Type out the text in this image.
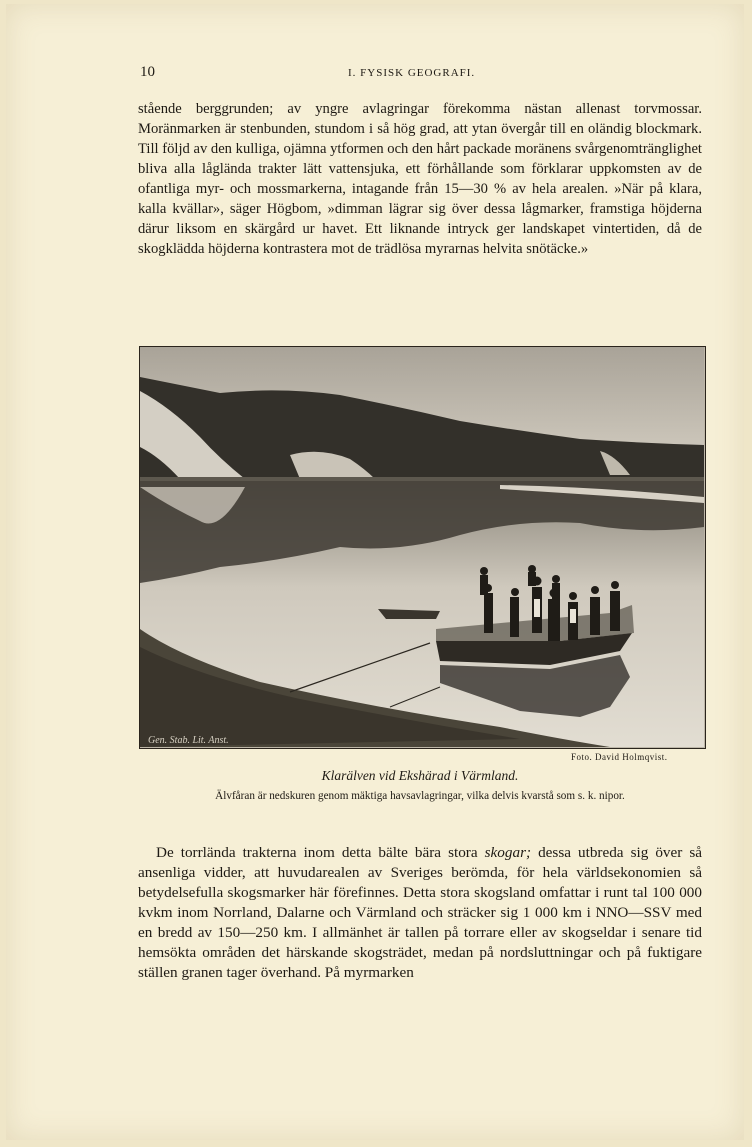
10	I. FYSISK GEOGRAFI.
stående berggrunden; av yngre avlagringar förekomma nästan allenast torvmossar. Moränmarken är stenbunden, stundom i så hög grad, att ytan övergår till en oländig blockmark. Till följd av den kulliga, ojämna ytformen och den hårt packade moränens svårgenomtränglighet bliva alla låglända trakter lätt vattensjuka, ett förhållande som förklarar uppkomsten av de ofantliga myr- och mossmarkerna, intagande från 15—30 % av hela arealen. »När på klara, kalla kvällar», säger Högbom, »dimman lägrar sig över dessa lågmarker, framstiga höjderna därur liksom en skärgård ur havet. Ett liknande intryck ger landskapet vintertiden, då de skogklädda höjderna kontrastera mot de trädlösa myrarnas helvita snötäcke.»
Gen. Stab. Lit. Anst.
Foto. David Holmqvist.
Klarälven vid Ekshärad i Värmland.
Älvfåran är nedskuren genom mäktiga havsavlagringar, vilka delvis kvarstå som s. k. nipor.
De torrlända trakterna inom detta bälte bära stora skogar; dessa utbreda sig över så ansenliga vidder, att huvudarealen av Sveriges berömda, för hela världsekonomien så betydelsefulla skogsmarker här förefinnes. Detta stora skogsland omfattar i runt tal 100 000 kvkm inom Norrland, Dalarne och Värmland och sträcker sig 1 000 km i NNO—SSV med en bredd av 150—250 km. I allmänhet är tallen på torrare eller av skogseldar i senare tid hemsökta områden det härskande skogsträdet, medan på nordsluttningar och på fuktigare ställen granen tager överhand. På myrmarken
